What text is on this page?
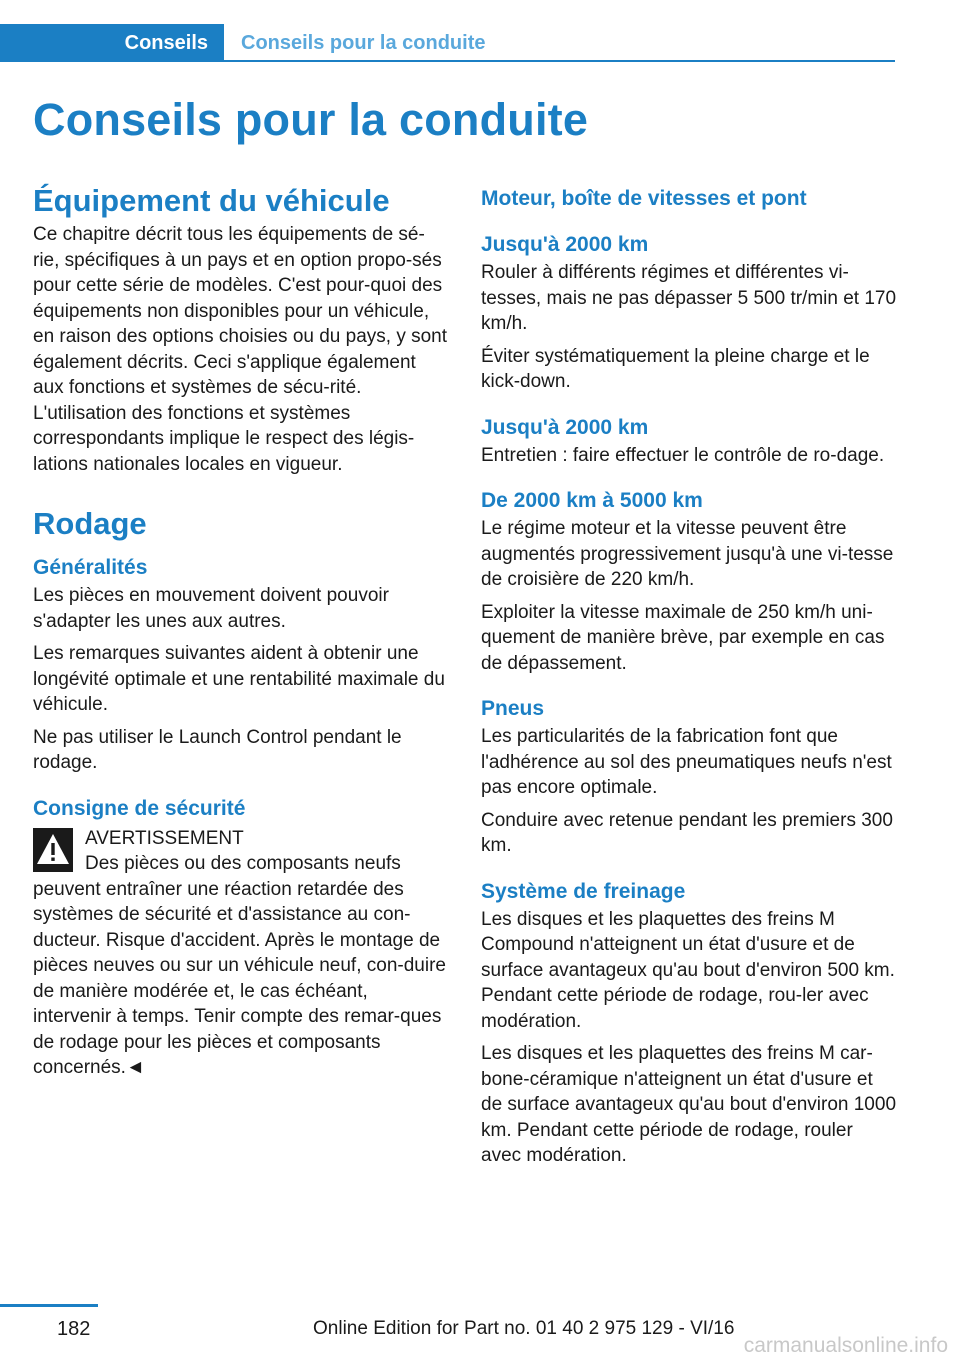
Conseils	Conseils pour la conduite
Conseils pour la conduite
Équipement du véhicule

Ce chapitre décrit tous les équipements de sé-rie, spécifiques à un pays et en option propo-sés pour cette série de modèles. C'est pour-quoi des équipements non disponibles pour un véhicule, en raison des options choisies ou du pays, y sont également décrits. Ceci s'applique également aux fonctions et systèmes de sécu-rité. L'utilisation des fonctions et systèmes correspondants implique le respect des légis-lations nationales locales en vigueur.

Rodage
Généralités

Les pièces en mouvement doivent pouvoir s'adapter les unes aux autres.

Les remarques suivantes aident à obtenir une longévité optimale et une rentabilité maximale du véhicule.

Ne pas utiliser le Launch Control pendant le rodage.

Consigne de sécurité

AVERTISSEMENT

Des pièces ou des composants neufs peuvent entraîner une réaction retardée des systèmes de sécurité et d'assistance au con-ducteur. Risque d'accident. Après le montage de pièces neuves ou sur un véhicule neuf, con-duire de manière modérée et, le cas échéant, intervenir à temps. Tenir compte des remar-ques de rodage pour les pièces et composants concernés.◄

Moteur, boîte de vitesses et pont
Jusqu'à 2000 km

Rouler à différents régimes et différentes vi-tesses, mais ne pas dépasser 5 500 tr/min et 170 km/h.

Éviter systématiquement la pleine charge et le kick-down.

Jusqu'à 2000 km

Entretien : faire effectuer le contrôle de ro-dage.

De 2000 km à 5000 km

Le régime moteur et la vitesse peuvent être augmentés progressivement jusqu'à une vi-tesse de croisière de 220 km/h.

Exploiter la vitesse maximale de 250 km/h uni-quement de manière brève, par exemple en cas de dépassement.

Pneus

Les particularités de la fabrication font que l'adhérence au sol des pneumatiques neufs n'est pas encore optimale.

Conduire avec retenue pendant les premiers 300 km.

Système de freinage

Les disques et les plaquettes des freins M Compound n'atteignent un état d'usure et de surface avantageux qu'au bout d'environ 500 km. Pendant cette période de rodage, rou-ler avec modération.

Les disques et les plaquettes des freins M car-bone-céramique n'atteignent un état d'usure et de surface avantageux qu'au bout d'environ 1000 km. Pendant cette période de rodage, rouler avec modération.

182	Online Edition for Part no. 01 40 2 975 129 - VI/16
carmanualsonline.info
